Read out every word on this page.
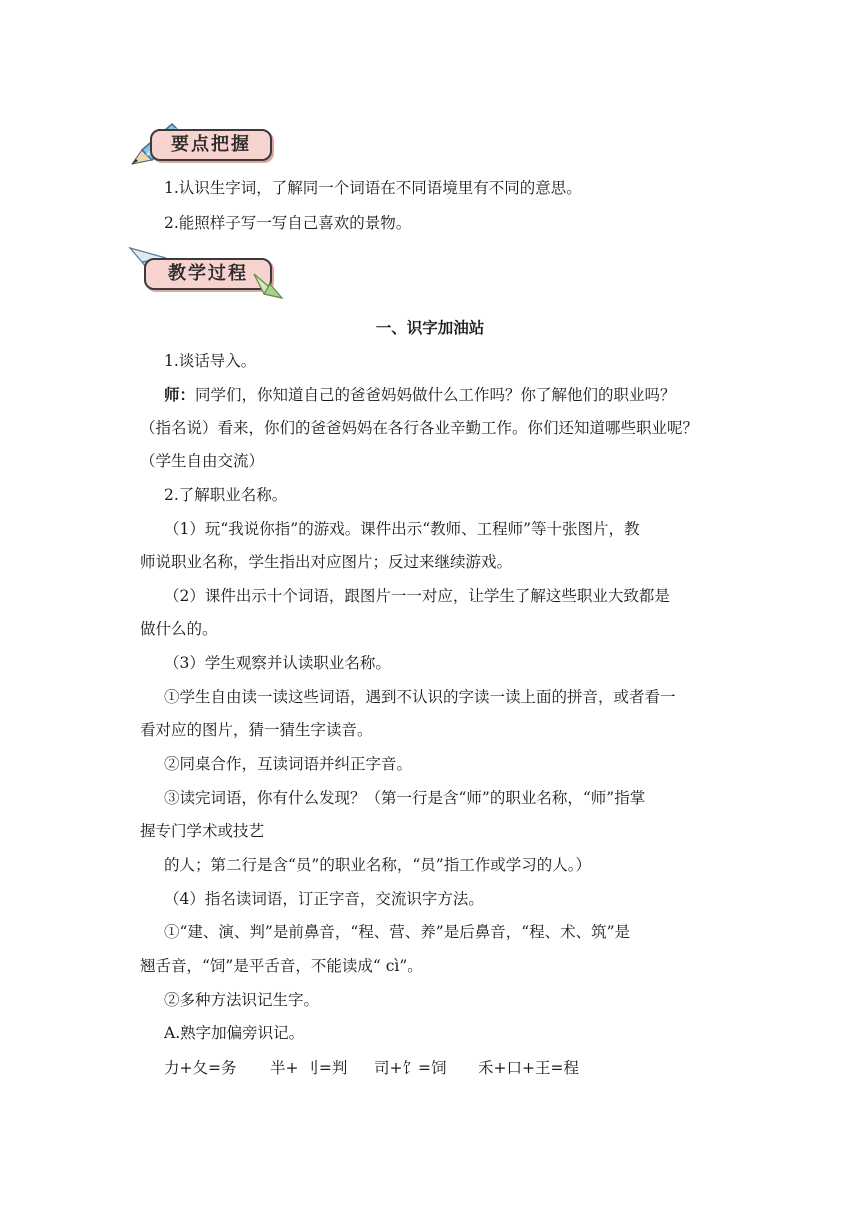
要点把握
1.认识生字词，了解同一个词语在不同语境里有不同的意思。
2.能照样子写一写自己喜欢的景物。
教学过程
一、识字加油站
1.谈话导入。
师：同学们，你知道自己的爸爸妈妈做什么工作吗？你了解他们的职业吗？
（指名说）看来，你们的爸爸妈妈在各行各业辛勤工作。你们还知道哪些职业呢？
（学生自由交流）
2.了解职业名称。
（1）玩“我说你指”的游戏。课件出示“教师、工程师”等十张图片，教
师说职业名称，学生指出对应图片；反过来继续游戏。
（2）课件出示十个词语，跟图片一一对应，让学生了解这些职业大致都是
做什么的。
（3）学生观察并认读职业名称。
①学生自由读一读这些词语，遇到不认识的字读一读上面的拼音，或者看一
看对应的图片，猜一猜生字读音。
②同桌合作，互读词语并纠正字音。
③读完词语，你有什么发现？（第一行是含“师”的职业名称，“师”指掌
握专门学术或技艺
的人；第二行是含“员”的职业名称，“员”指工作或学习的人。）
（4）指名读词语，订正字音，交流识字方法。
①“建、演、判”是前鼻音，“程、营、养”是后鼻音，“程、术、筑”是
翘舌音，“饲”是平舌音，不能读成“ cì”。
②多种方法识记生字。
A.熟字加偏旁识记。
力+夂=务 半+ 刂=判 司+饣=饲 禾+口+王=程
